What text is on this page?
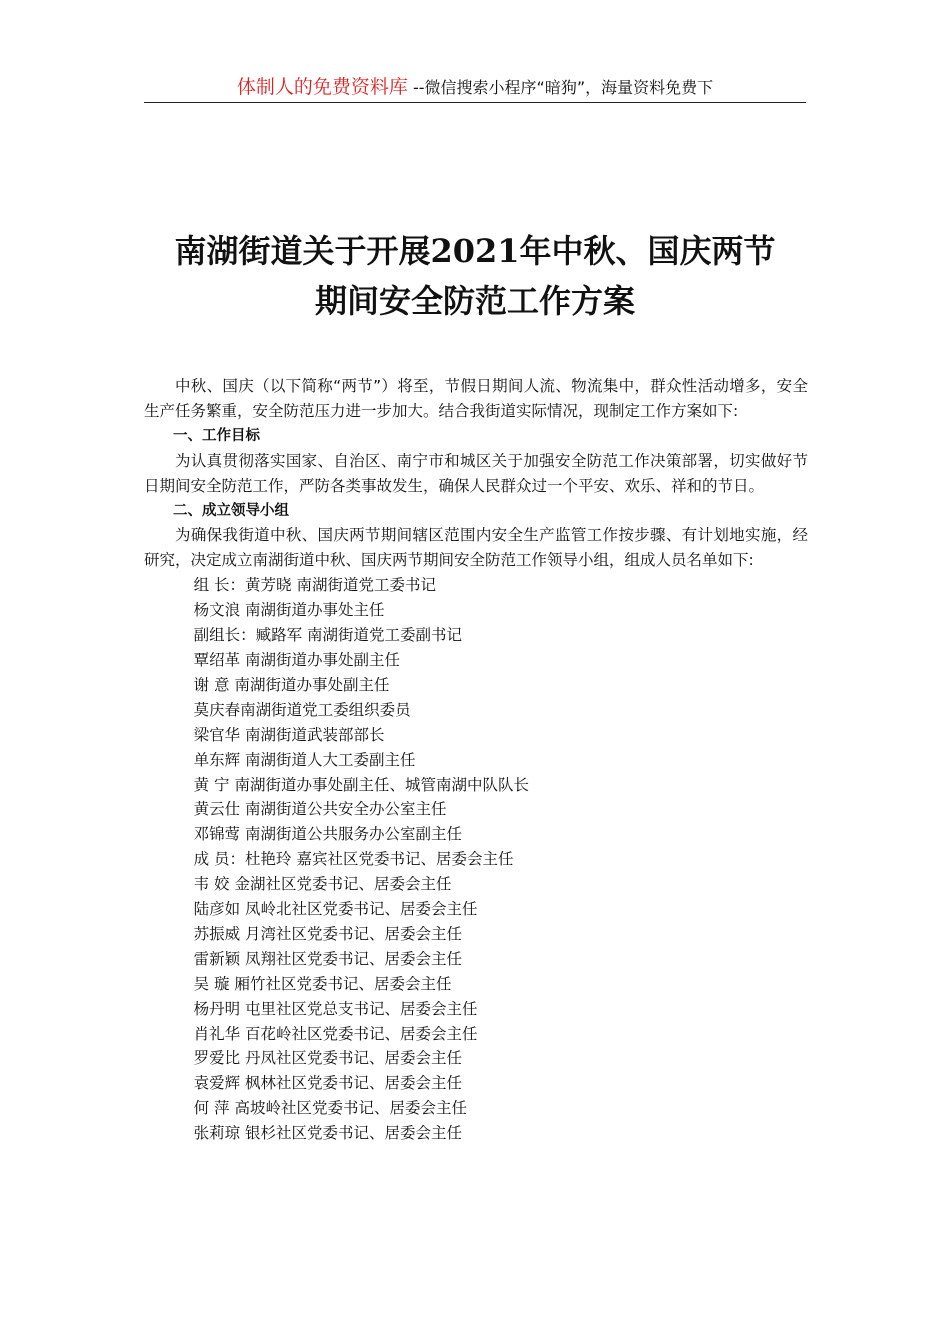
体制人的免费资料库 --微信搜索小程序“暗狗”，海量资料免费下
南湖街道关于开展2021年中秋、国庆两节
期间安全防范工作方案

中秋、国庆（以下简称“两节”）将至，节假日期间人流、物流集中，群众性活动增多，安全生产任务繁重，安全防范压力进一步加大。结合我街道实际情况，现制定工作方案如下:

一、工作目标

为认真贯彻落实国家、自治区、南宁市和城区关于加强安全防范工作决策部署，切实做好节日期间安全防范工作，严防各类事故发生，确保人民群众过一个平安、欢乐、祥和的节日。

二、成立领导小组

为确保我街道中秋、国庆两节期间辖区范围内安全生产监管工作按步骤、有计划地实施，经研究，决定成立南湖街道中秋、国庆两节期间安全防范工作领导小组，组成人员名单如下:

组 长：黄芳晓 南湖街道党工委书记

杨文浪 南湖街道办事处主任

副组长：臧路军 南湖街道党工委副书记

覃绍革 南湖街道办事处副主任

谢 意 南湖街道办事处副主任

莫庆春南湖街道党工委组织委员

梁官华 南湖街道武装部部长

单东辉 南湖街道人大工委副主任

黄 宁 南湖街道办事处副主任、城管南湖中队队长

黄云仕 南湖街道公共安全办公室主任

邓锦莺 南湖街道公共服务办公室副主任

成 员：杜艳玲 嘉宾社区党委书记、居委会主任

韦 姣 金湖社区党委书记、居委会主任

陆彦如 凤岭北社区党委书记、居委会主任

苏振威 月湾社区党委书记、居委会主任

雷新颖 凤翔社区党委书记、居委会主任

吴 璇 厢竹社区党委书记、居委会主任

杨丹明 屯里社区党总支书记、居委会主任

肖礼华 百花岭社区党委书记、居委会主任

罗爱比 丹凤社区党委书记、居委会主任

袁爱辉 枫林社区党委书记、居委会主任

何 萍 高坡岭社区党委书记、居委会主任

张莉琼 银杉社区党委书记、居委会主任
